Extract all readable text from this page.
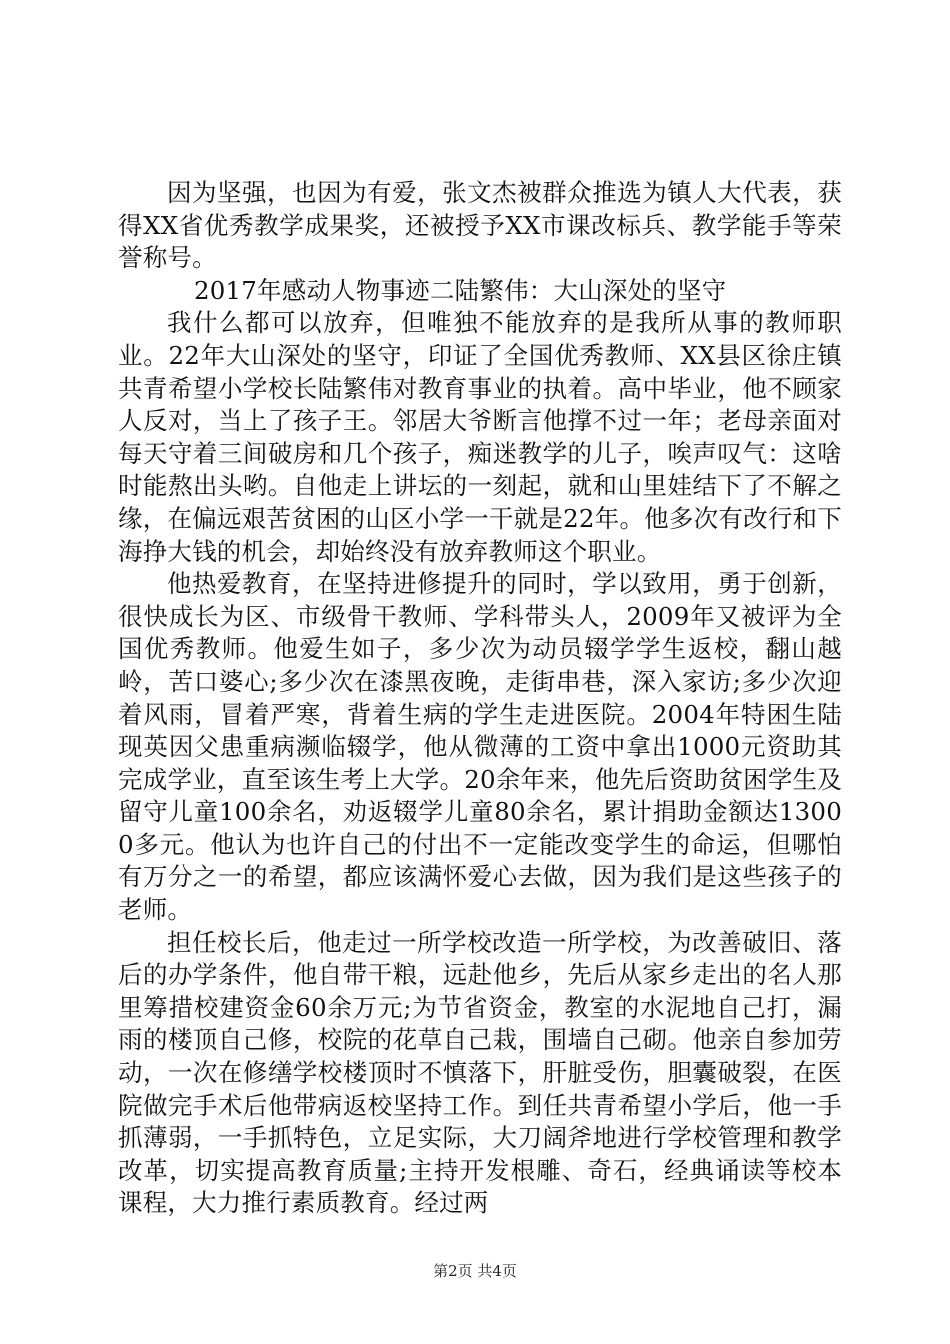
因为坚强，也因为有爱，张文杰被群众推选为镇人大代表，获得XX省优秀教学成果奖，还被授予XX市课改标兵、教学能手等荣誉称号。

2017年感动人物事迹二陆繁伟：大山深处的坚守

我什么都可以放弃，但唯独不能放弃的是我所从事的教师职业。22年大山深处的坚守，印证了全国优秀教师、XX县区徐庄镇共青希望小学校长陆繁伟对教育事业的执着。高中毕业，他不顾家人反对，当上了孩子王。邻居大爷断言他撑不过一年；老母亲面对每天守着三间破房和几个孩子，痴迷教学的儿子，唉声叹气：这啥时能熬出头哟。自他走上讲坛的一刻起，就和山里娃结下了不解之缘，在偏远艰苦贫困的山区小学一干就是22年。他多次有改行和下海挣大钱的机会，却始终没有放弃教师这个职业。

他热爱教育，在坚持进修提升的同时，学以致用，勇于创新，很快成长为区、市级骨干教师、学科带头人，2009年又被评为全国优秀教师。他爱生如子，多少次为动员辍学学生返校，翻山越岭，苦口婆心;多少次在漆黑夜晚，走街串巷，深入家访;多少次迎着风雨，冒着严寒，背着生病的学生走进医院。2004年特困生陆现英因父患重病濒临辍学，他从微薄的工资中拿出1000元资助其完成学业，直至该生考上大学。20余年来，他先后资助贫困学生及留守儿童100余名，劝返辍学儿童80余名，累计捐助金额达13000多元。他认为也许自己的付出不一定能改变学生的命运，但哪怕有万分之一的希望，都应该满怀爱心去做，因为我们是这些孩子的老师。

担任校长后，他走过一所学校改造一所学校，为改善破旧、落后的办学条件，他自带干粮，远赴他乡，先后从家乡走出的名人那里筹措校建资金60余万元;为节省资金，教室的水泥地自己打，漏雨的楼顶自己修，校院的花草自己栽，围墙自己砌。他亲自参加劳动，一次在修缮学校楼顶时不慎落下，肝脏受伤，胆囊破裂，在医院做完手术后他带病返校坚持工作。到任共青希望小学后，他一手抓薄弱，一手抓特色，立足实际，大刀阔斧地进行学校管理和教学改革，切实提高教育质量;主持开发根雕、奇石，经典诵读等校本课程，大力推行素质教育。经过两

第2页 共4页
